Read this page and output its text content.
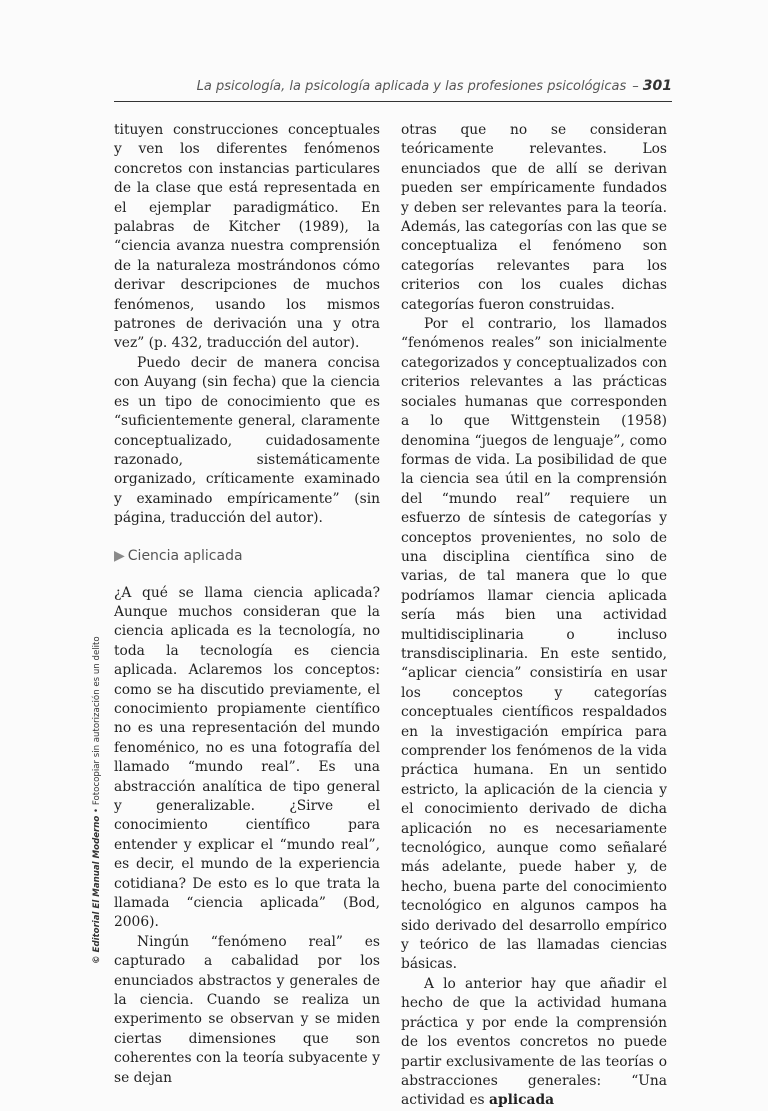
La psicología, la psicología aplicada y las profesiones psicológicas – 301

tituyen construcciones conceptuales y ven los diferentes fenómenos concretos con instancias particulares de la clase que está representada en el ejemplar paradigmático. En palabras de Kitcher (1989), la “ciencia avanza nuestra comprensión de la naturaleza mostrándonos cómo derivar descripciones de muchos fenómenos, usando los mismos patrones de derivación una y otra vez” (p. 432, traducción del autor).

Puedo decir de manera concisa con Auyang (sin fecha) que la ciencia es un tipo de conocimiento que es “suficientemente general, claramente conceptualizado, cuidadosamente razonado, sistemáticamente organizado, críticamente examinado y examinado empíricamente” (sin página, traducción del autor).

▶ Ciencia aplicada

¿A qué se llama ciencia aplicada? Aunque muchos consideran que la ciencia aplicada es la tecnología, no toda la tecnología es ciencia aplicada. Aclaremos los conceptos: como se ha discutido previamente, el conocimiento propiamente científico no es una representación del mundo fenoménico, no es una fotografía del llamado “mundo real”. Es una abstracción analítica de tipo general y generalizable. ¿Sirve el conocimiento científico para entender y explicar el “mundo real”, es decir, el mundo de la experiencia cotidiana? De esto es lo que trata la llamada “ciencia aplicada” (Bod, 2006).

Ningún “fenómeno real” es capturado a cabalidad por los enunciados abstractos y generales de la ciencia. Cuando se realiza un experimento se observan y se miden ciertas dimensiones que son coherentes con la teoría subyacente y se dejan

otras que no se consideran teóricamente relevantes. Los enunciados que de allí se derivan pueden ser empíricamente fundados y deben ser relevantes para la teoría. Además, las categorías con las que se conceptualiza el fenómeno son categorías relevantes para los criterios con los cuales dichas categorías fueron construidas.

Por el contrario, los llamados “fenómenos reales” son inicialmente categorizados y conceptualizados con criterios relevantes a las prácticas sociales humanas que corresponden a lo que Wittgenstein (1958) denomina “juegos de lenguaje”, como formas de vida. La posibilidad de que la ciencia sea útil en la comprensión del “mundo real” requiere un esfuerzo de síntesis de categorías y conceptos provenientes, no solo de una disciplina científica sino de varias, de tal manera que lo que podríamos llamar ciencia aplicada sería más bien una actividad multidisciplinaria o incluso transdisciplinaria. En este sentido, “aplicar ciencia” consistiría en usar los conceptos y categorías conceptuales científicos respaldados en la investigación empírica para comprender los fenómenos de la vida práctica humana. En un sentido estricto, la aplicación de la ciencia y el conocimiento derivado de dicha aplicación no es necesariamente tecnológico, aunque como señalaré más adelante, puede haber y, de hecho, buena parte del conocimiento tecnológico en algunos campos ha sido derivado del desarrollo empírico y teórico de las llamadas ciencias básicas.

A lo anterior hay que añadir el hecho de que la actividad humana práctica y por ende la comprensión de los eventos concretos no puede partir exclusivamente de las teorías o abstracciones generales: “Una actividad es aplicada

© Editorial El Manual Moderno • Fotocopiar sin autorización es un delito
